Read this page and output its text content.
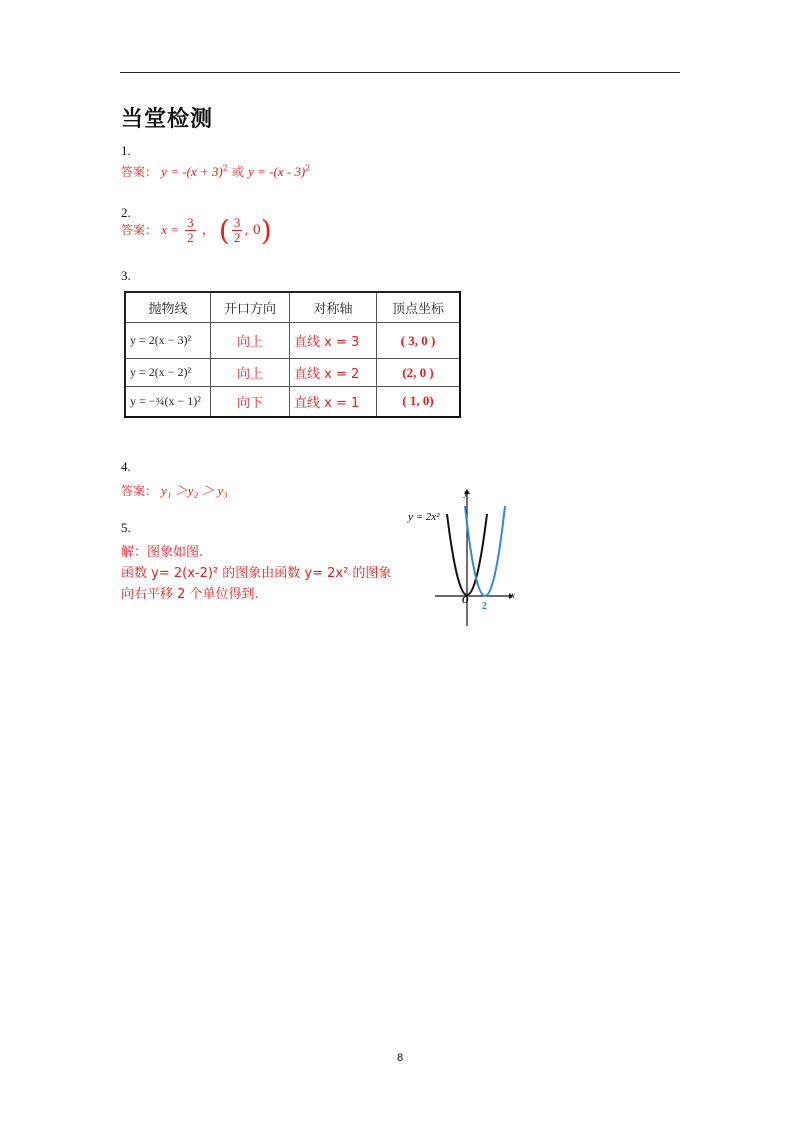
当堂检测
1.
答案： $y = -(x + 3)^2$ 或 y = -(x - 3)$^2$
2.
答案： $x = \frac{3}{2}$ ， ( $\frac{3}{2}$ , 0)
3.
抛物线	开口方向	对称轴	顶点坐标
y = 2(x − 3)²	向上	直线 x = 3	( 3, 0 )
y = 2(x − 2)²	向上	直线 x = 2	(2, 0 )
y = −¾(x − 1)²	向下	直线 x = 1	( 1, 0)
4.
答案： y₁ ＞y₂ ＞ y₃
5.
解：图象如图.
函数 y= 2(x-2)² 的图象由函数 y= 2x² 的图象
向右平移 2 个单位得到.	x
y
O
2
y = 2x²
8
